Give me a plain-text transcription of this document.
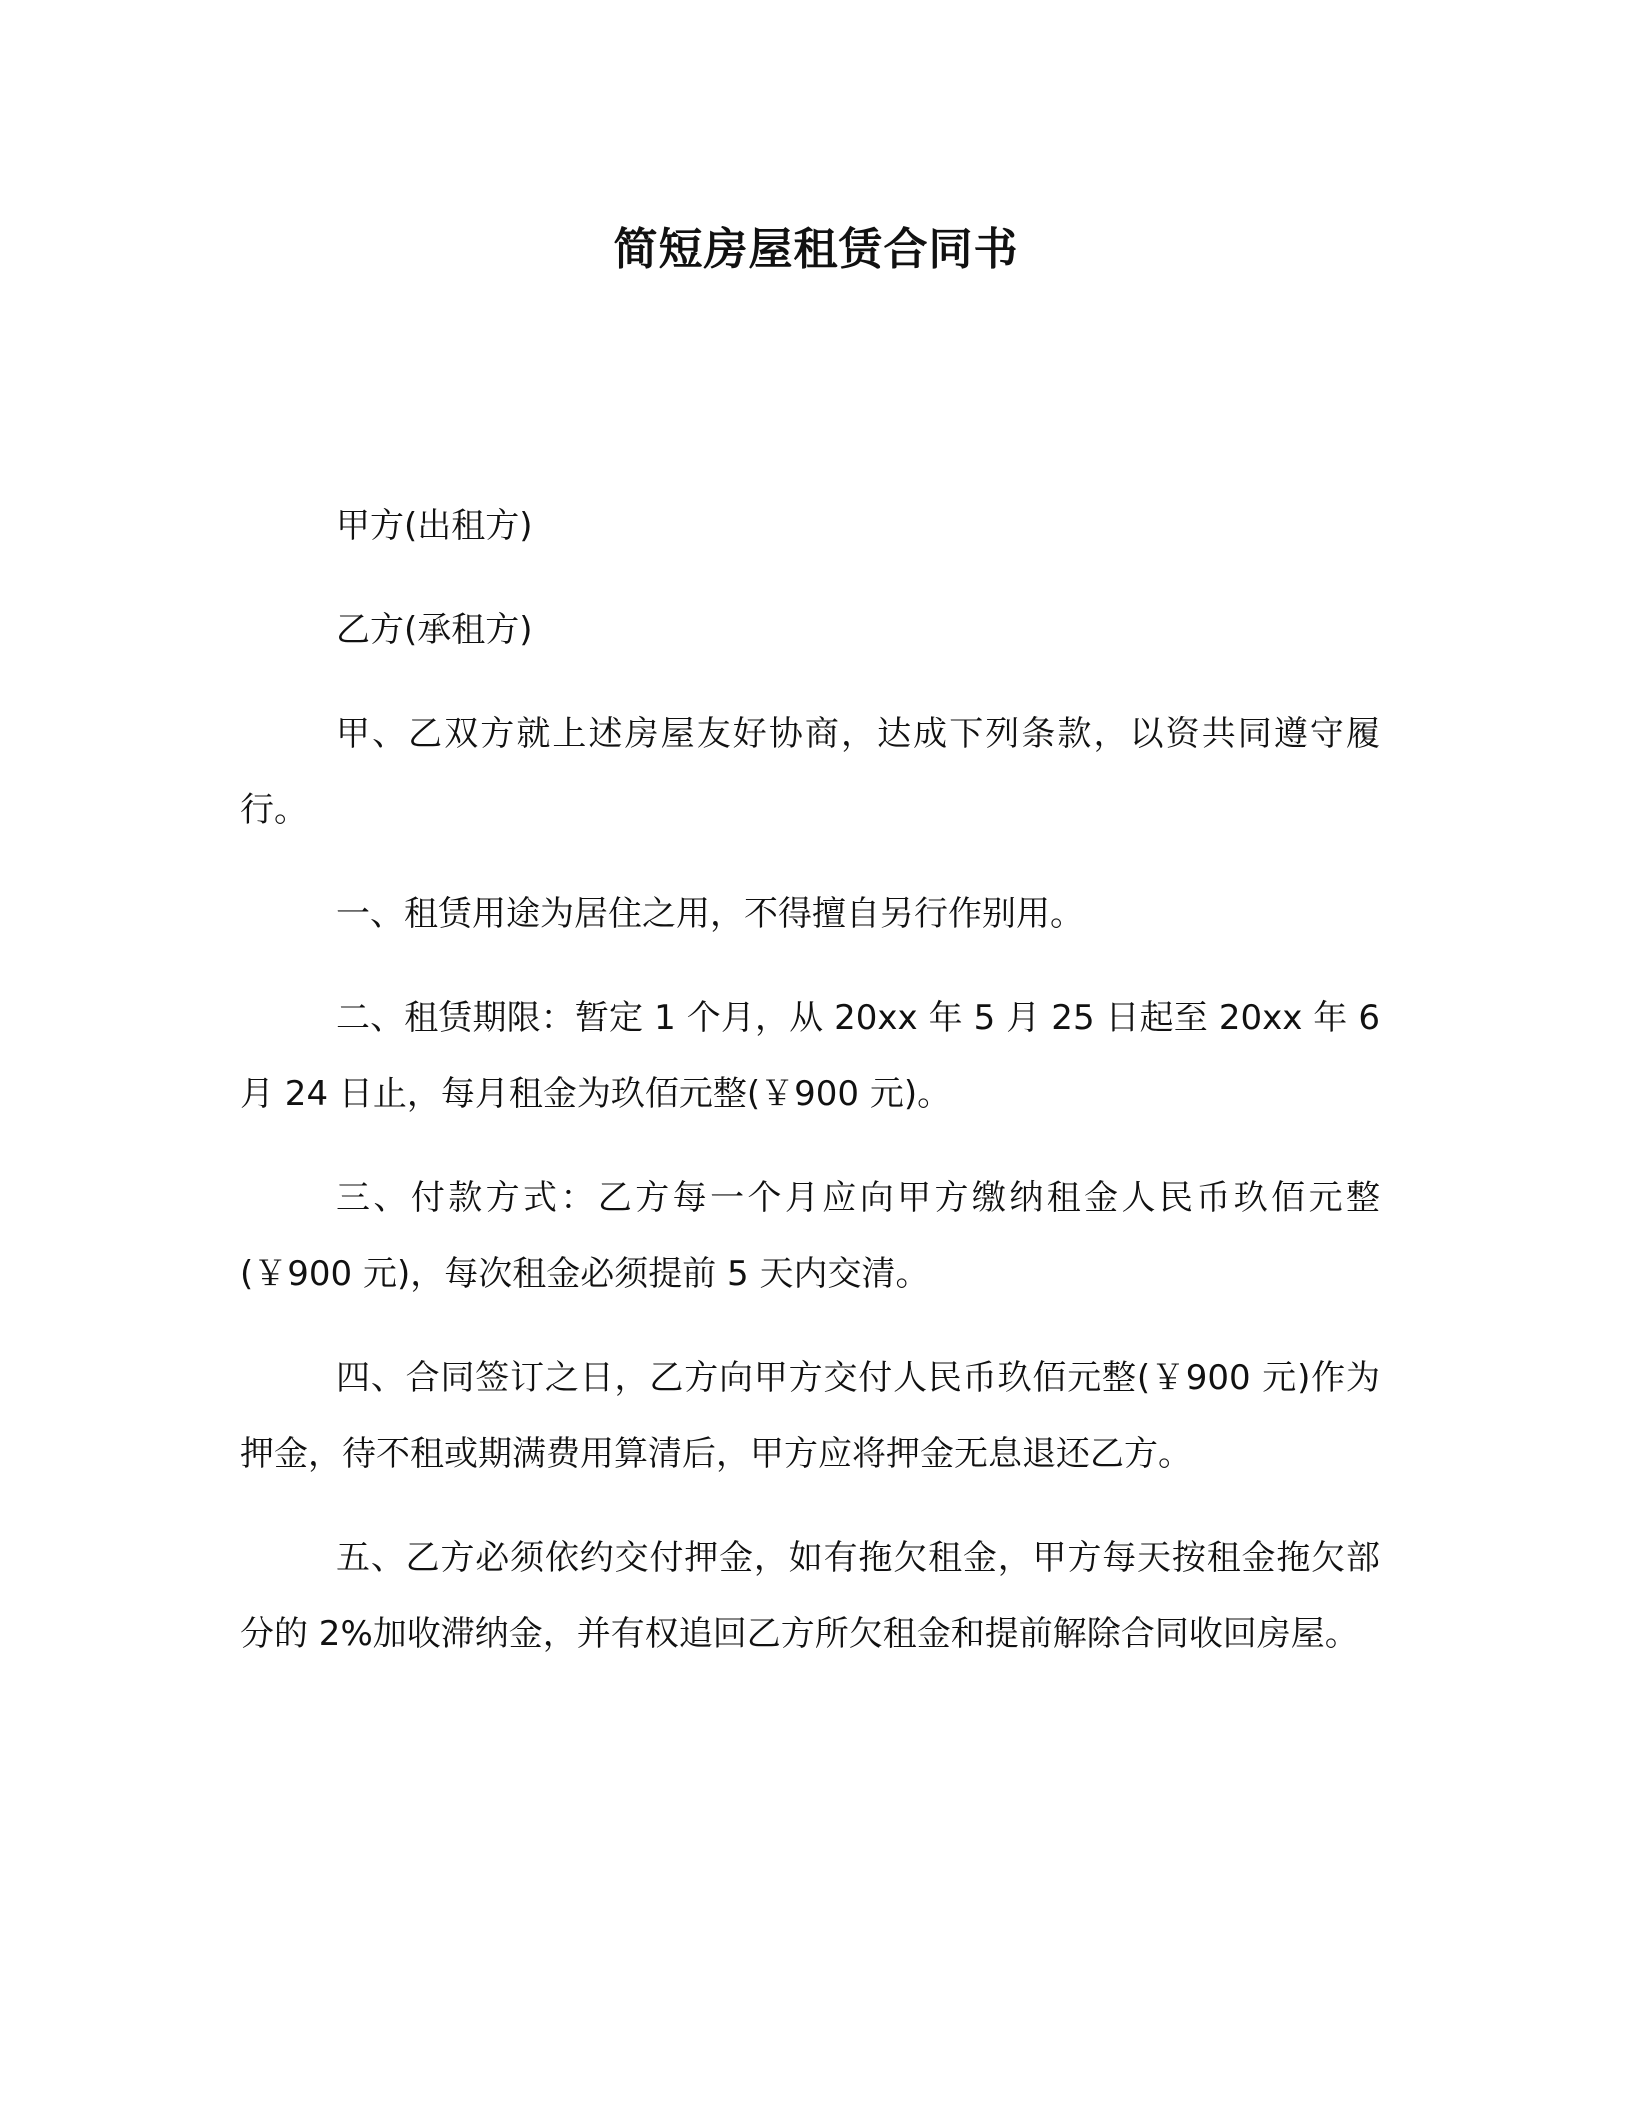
简短房屋租赁合同书

甲方(出租方)

乙方(承租方)

甲、乙双方就上述房屋友好协商，达成下列条款，以资共同遵守履行。

一、租赁用途为居住之用，不得擅自另行作别用。

二、租赁期限：暂定 1 个月，从 20xx 年 5 月 25 日起至 20xx 年 6 月 24 日止，每月租金为玖佰元整(￥900 元)。

三、付款方式：乙方每一个月应向甲方缴纳租金人民币玖佰元整(￥900 元)，每次租金必须提前 5 天内交清。

四、合同签订之日，乙方向甲方交付人民币玖佰元整(￥900 元)作为押金，待不租或期满费用算清后，甲方应将押金无息退还乙方。

五、乙方必须依约交付押金，如有拖欠租金，甲方每天按租金拖欠部分的 2%加收滞纳金，并有权追回乙方所欠租金和提前解除合同收回房屋。
